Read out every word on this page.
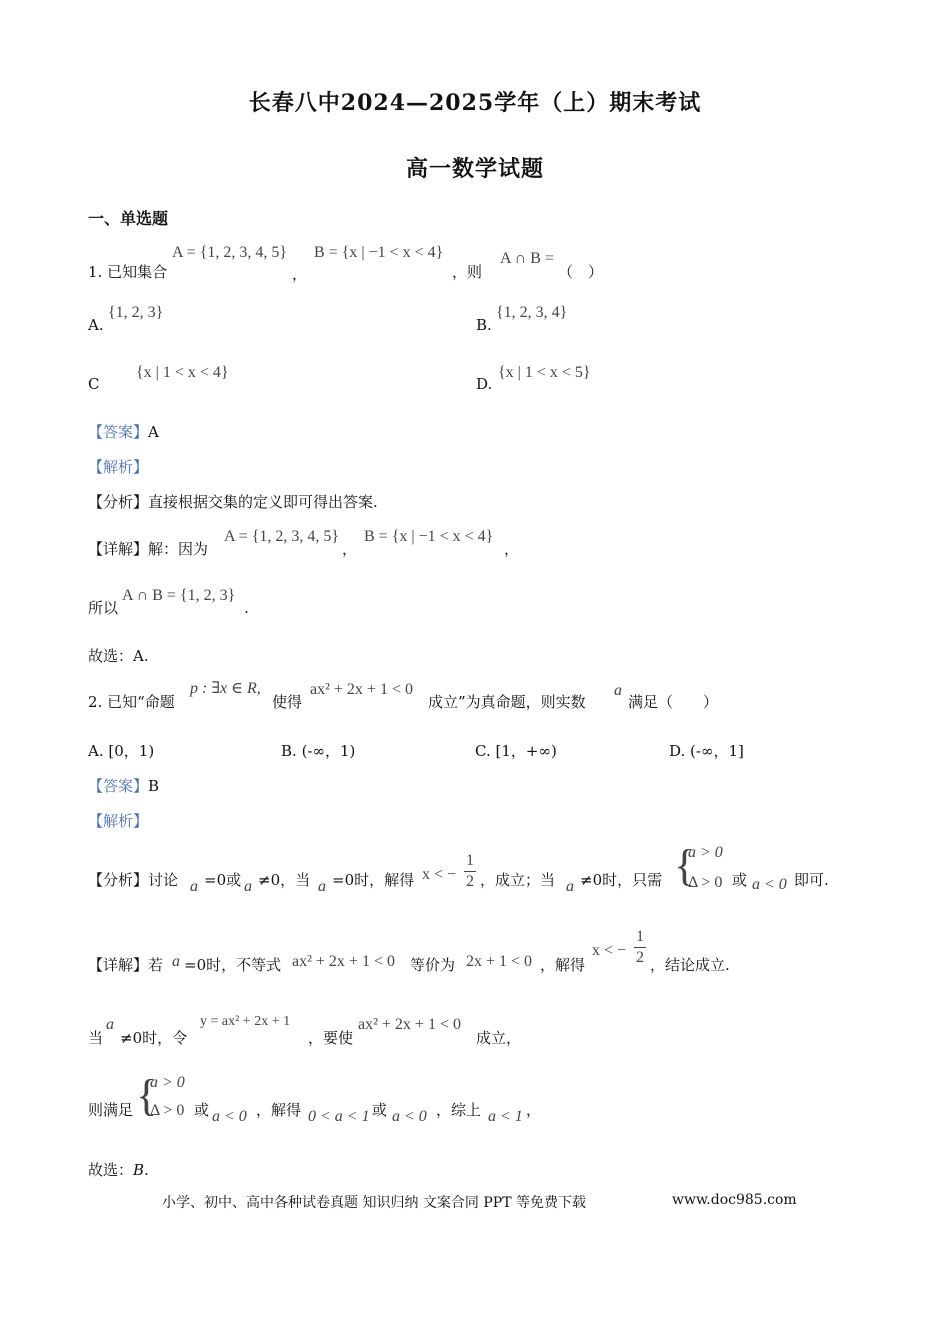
长春八中2024—2025学年（上）期末考试
高一数学试题
一、单选题
1. 已知集合
A = {1, 2, 3, 4, 5}
，
B = {x | −1 < x < 4}
，则
A ∩ B =
（　）
A.
{1, 2, 3}
B.
{1, 2, 3, 4}
C
{x | 1 < x < 4}
D.
{x | 1 < x < 5}
【答案】A
【解析】
【分析】直接根据交集的定义即可得出答案.
【详解】解：因为
A = {1, 2, 3, 4, 5}
，
B = {x | −1 < x < 4}
，
所以
A ∩ B = {1, 2, 3}
.
故选：A.
2. 已知“命题
p : ∃x ∈ R,
使得
ax² + 2x + 1 < 0
成立”为真命题，则实数
a
满足（　　）
A. [0，1)	B. (-∞，1)	C. [1，+∞)	D. (-∞，1]
【答案】B
【解析】
【分析】讨论 a =0或 a ≠0，当 a =0时，解得 x < −
1
2 ，成立；当 a ≠0时，只需 {
a > 0
Δ > 0 或 a < 0 即可.
【详解】若 a =0时，不等式 ax² + 2x + 1 < 0 等价为 2x + 1 < 0 ，解得
x < −
1
2 ，结论成立.
当
a
≠0时，令
y = ax² + 2x + 1
，要使
ax² + 2x + 1 < 0
成立，
则满足 {
a > 0
Δ > 0 或 a < 0 ，解得 0 < a < 1 或 a < 0 ，综上 a < 1 ，
故选：B.
小学、初中、高中各种试卷真题 知识归纳 文案合同 PPT 等免费下载	www.doc985.com
